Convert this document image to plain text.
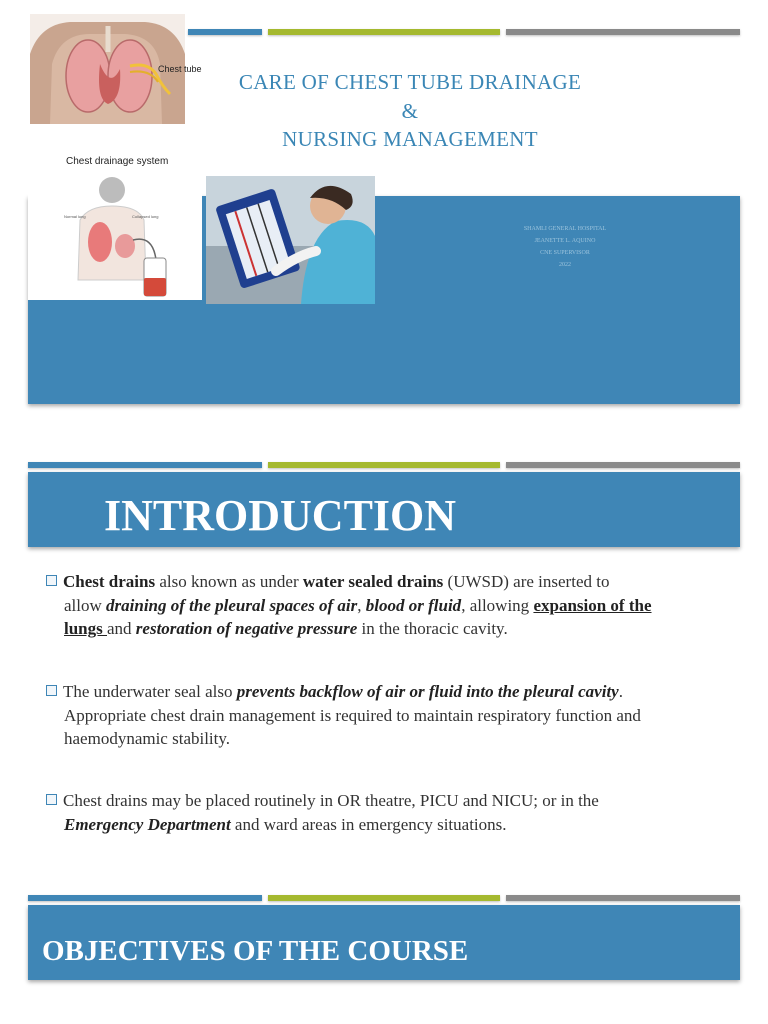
Chest tube
CARE OF CHEST TUBE DRAINAGE
&
NURSING MANAGEMENT
SHAMLI GENERAL HOSPITAL
JEANETTE L. AQUINO
CNE SUPERVISOR
2022
Chest drainage system
Normal lung	Collapsed lung
INTRODUCTION
Chest drains also known as under water sealed drains (UWSD) are inserted to
allow draining of the pleural spaces of air, blood or fluid, allowing expansion of the
lungs and restoration of negative pressure in the thoracic cavity.
The underwater seal also prevents backflow of air or fluid into the pleural cavity.
Appropriate chest drain management is required to maintain respiratory function and
haemodynamic stability.
Chest drains may be placed routinely in OR theatre, PICU and NICU; or in the
Emergency Department and ward areas in emergency situations.
OBJECTIVES OF THE COURSE
